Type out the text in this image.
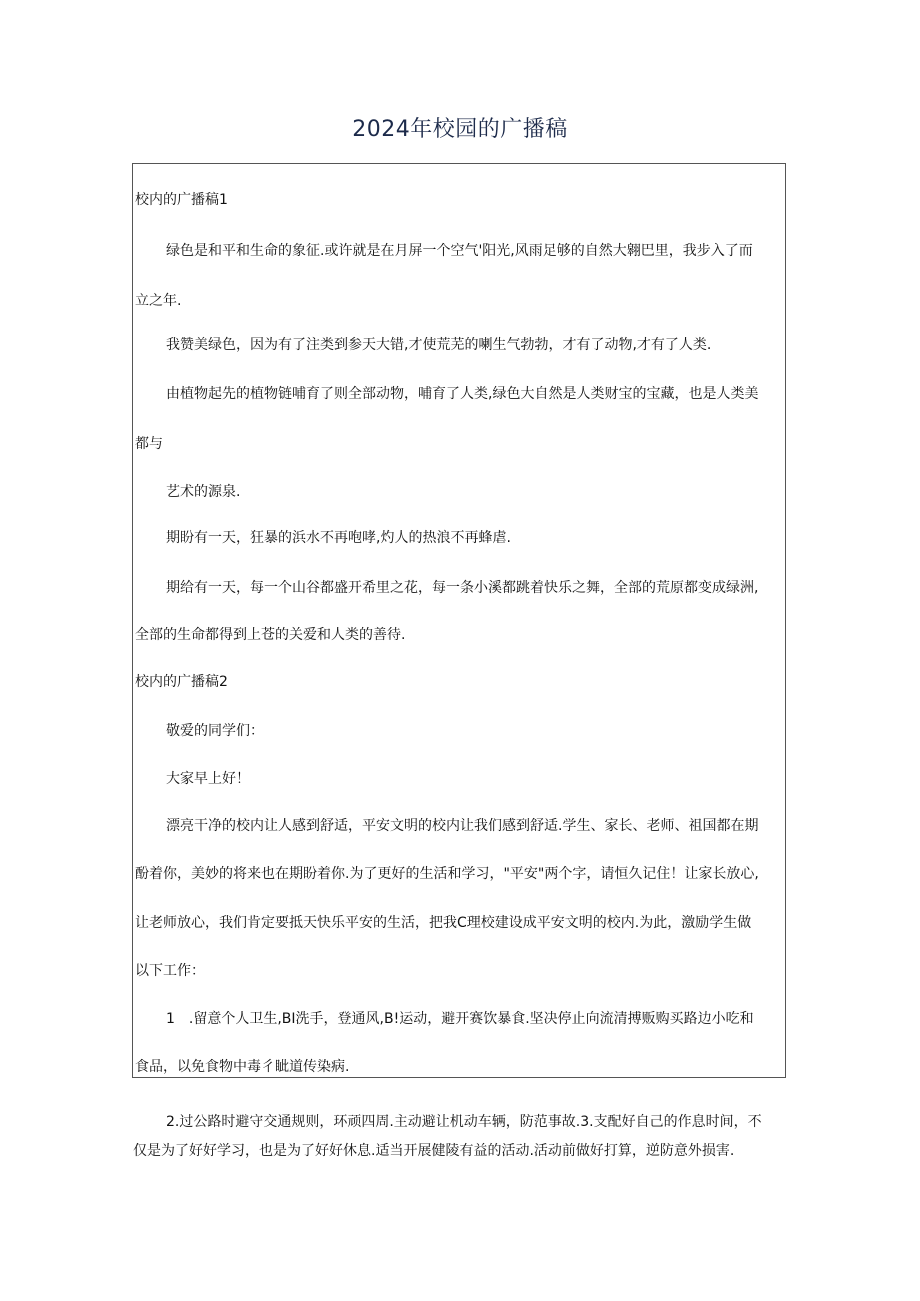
2024年校园的广播稿
校内的广播稿1
绿色是和平和生命的象征.或许就是在月屏一个空气'阳光,风雨足够的自然大翱巴里，我步入了而
立之年.
我赞美绿色，因为有了注类到参天大错,才使荒芜的喇生气勃勃，才有了动物,才有了人类.
由植物起先的植物链哺育了则全部动物，哺育了人类,绿色大自然是人类财宝的宝藏，也是人类美
都与
艺术的源泉.
期盼有一天，狂暴的浜水不再咆哮,灼人的热浪不再蜂虐.
期给有一天，每一个山谷都盛开希里之花，每一条小溪都跳着快乐之舞，全部的荒原都变成绿洲,
全部的生命都得到上苍的关爱和人类的善待.
校内的广播稿2
敬爱的同学们：
大家早上好！
漂亮干净的校内让人感到舒适，平安文明的校内让我们感到舒适.学生、家长、老师、祖国都在期
酚着你，美妙的将来也在期盼着你.为了更好的生活和学习，"平安"两个字，请恒久记住！让家长放心,
让老师放心，我们肯定要抵天快乐平安的生活，把我C理校建设成平安文明的校内.为此，激励学生做
以下工作：
1　.留意个人卫生,BI洗手，登通风,B!运动，避开赛饮暴食.坚决停止向流清搏贩购买路边小吃和
食品，以免食物中毒彳眦道传染病.
2.过公路时避守交通规则，环顽四周.主动避让机动车辆，防范事故.3.支配好自己的作息时间，不
仅是为了好好学习，也是为了好好休息.适当开展健陵有益的活动.活动前做好打算，逆防意外损害.
